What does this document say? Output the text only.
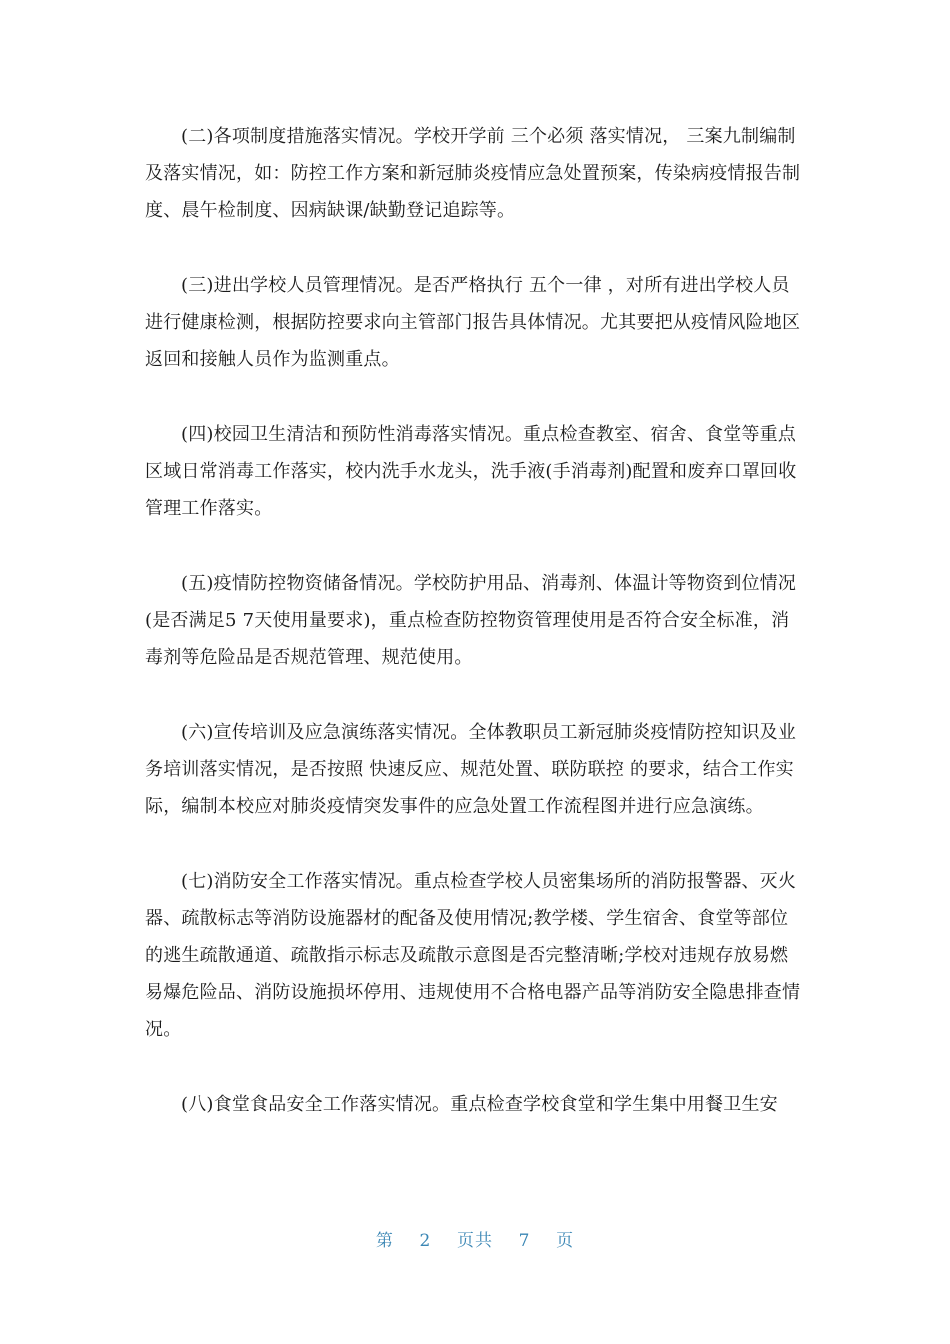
(二)各项制度措施落实情况。学校开学前 三个必须 落实情况， 三案九制编制及落实情况，如：防控工作方案和新冠肺炎疫情应急处置预案，传染病疫情报告制度、晨午检制度、因病缺课/缺勤登记追踪等。

(三)进出学校人员管理情况。是否严格执行 五个一律 ，对所有进出学校人员进行健康检测，根据防控要求向主管部门报告具体情况。尤其要把从疫情风险地区返回和接触人员作为监测重点。

(四)校园卫生清洁和预防性消毒落实情况。重点检查教室、宿舍、食堂等重点区域日常消毒工作落实，校内洗手水龙头，洗手液(手消毒剂)配置和废弃口罩回收管理工作落实。

(五)疫情防控物资储备情况。学校防护用品、消毒剂、体温计等物资到位情况(是否满足5 7天使用量要求)，重点检查防控物资管理使用是否符合安全标准，消毒剂等危险品是否规范管理、规范使用。

(六)宣传培训及应急演练落实情况。全体教职员工新冠肺炎疫情防控知识及业务培训落实情况，是否按照 快速反应、规范处置、联防联控 的要求，结合工作实际，编制本校应对肺炎疫情突发事件的应急处置工作流程图并进行应急演练。

(七)消防安全工作落实情况。重点检查学校人员密集场所的消防报警器、灭火器、疏散标志等消防设施器材的配备及使用情况;教学楼、学生宿舍、食堂等部位的逃生疏散通道、疏散指示标志及疏散示意图是否完整清晰;学校对违规存放易燃易爆危险品、消防设施损坏停用、违规使用不合格电器产品等消防安全隐患排查情况。

(八)食堂食品安全工作落实情况。重点检查学校食堂和学生集中用餐卫生安

第 2 页共 7 页
